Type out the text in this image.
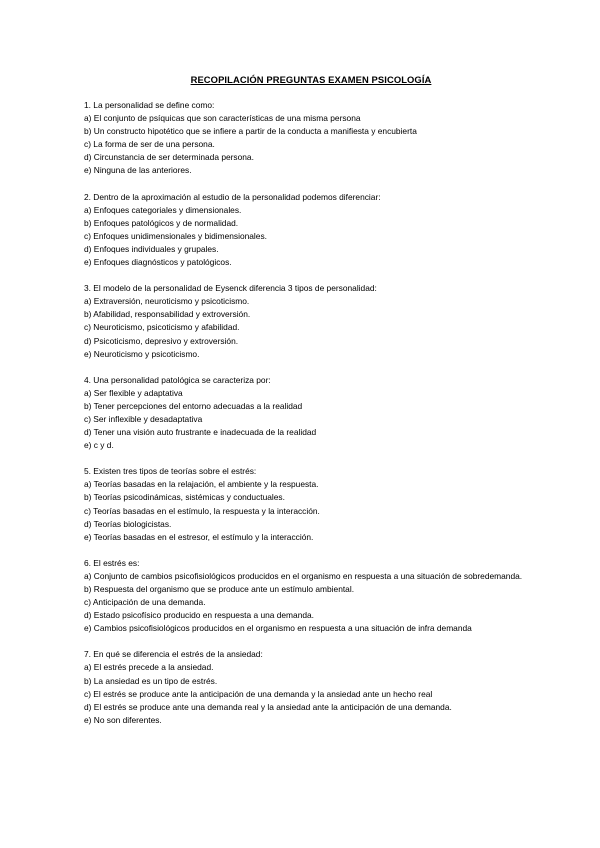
RECOPILACIÓN PREGUNTAS EXAMEN PSICOLOGÍA
1. La personalidad se define como:
a) El conjunto de psíquicas que son características de una misma persona
b) Un constructo hipotético que se infiere a partir de la conducta a manifiesta y encubierta
c) La forma de ser de una persona.
d) Circunstancia de ser determinada persona.
e) Ninguna de las anteriores.
2. Dentro de la aproximación al estudio de la personalidad podemos diferenciar:
a) Enfoques categoriales y dimensionales.
b) Enfoques patológicos y de normalidad.
c) Enfoques unidimensionales y bidimensionales.
d) Enfoques individuales y grupales.
e) Enfoques diagnósticos y patológicos.
3. El modelo de la personalidad de Eysenck diferencia 3 tipos de personalidad:
a) Extraversión, neuroticismo y psicoticismo.
b) Afabilidad, responsabilidad y extroversión.
c) Neuroticismo, psicoticismo y afabilidad.
d) Psicoticismo, depresivo y extroversión.
e) Neuroticismo y psicoticismo.
4. Una personalidad patológica se caracteriza por:
a) Ser flexible y adaptativa
b) Tener percepciones del entorno adecuadas a la realidad
c) Ser inflexible y desadaptativa
d) Tener una visión auto frustrante e inadecuada de la realidad
e) c y d.
5. Existen tres tipos de teorías sobre el estrés:
a) Teorías basadas en la relajación, el ambiente y la respuesta.
b) Teorías psicodinámicas, sistémicas y conductuales.
c) Teorías basadas en el estímulo, la respuesta y la interacción.
d) Teorías biologicistas.
e) Teorías basadas en el estresor, el estímulo y la interacción.
6. El estrés es:
a) Conjunto de cambios psicofisiológicos producidos en el organismo en respuesta a una situación de sobredemanda.
b) Respuesta del organismo que se produce ante un estímulo ambiental.
c) Anticipación de una demanda.
d) Estado psicofísico producido en respuesta a una demanda.
e) Cambios psicofisiológicos producidos en el organismo en respuesta a una situación de infra demanda
7. En qué se diferencia el estrés de la ansiedad:
a) El estrés precede a la ansiedad.
b) La ansiedad es un tipo de estrés.
c) El estrés se produce ante la anticipación de una demanda y la ansiedad ante un hecho real
d) El estrés se produce ante una demanda real y la ansiedad ante la anticipación de una demanda.
e) No son diferentes.
